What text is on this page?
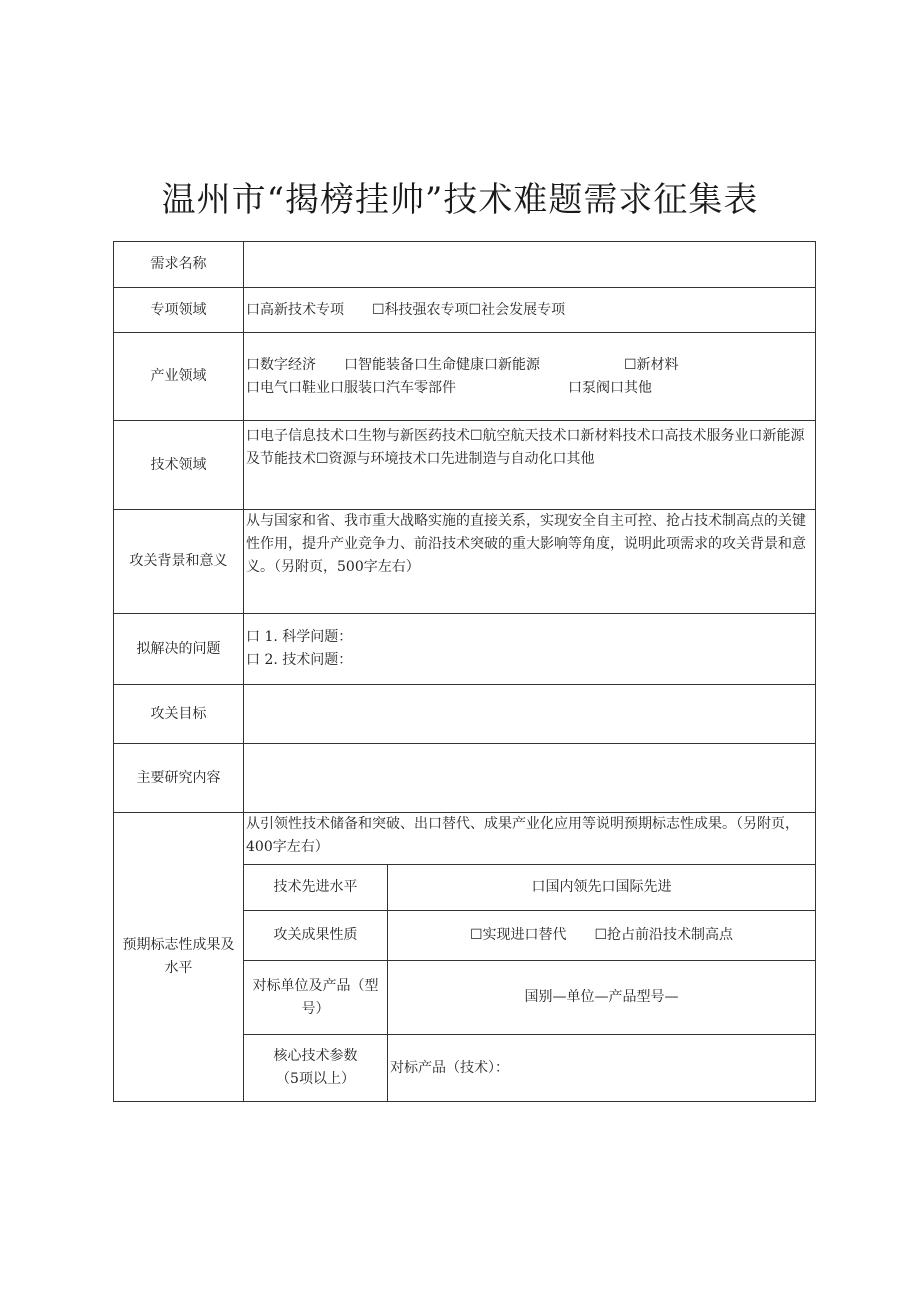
温州市“揭榜挂帅”技术难题需求征集表
需求名称		
专项领域	口高新技术专项　　☐科技强农专项☐社会发展专项	
产业领域	口数字经济　　口智能装备口生命健康口新能源　　　　　　☐新材料
口电气口鞋业口服装口汽车零部件　　　　　　　　口泵阀口其他	

技术领域	口电子信息技术口生物与新医药技术☐航空航天技术口新材料技术口高技术服务业口新能源及节能技术☐资源与环境技术口先进制造与自动化口其他	
攻关背景和意义	从与国家和省、我市重大战略实施的直接关系，实现安全自主可控、抢占技术制高点的关键性作用，提升产业竞争力、前沿技术突破的重大影响等角度，说明此项需求的攻关背景和意义。（另附页，500字左右）	
拟解决的问题	口 1. 科学问题：
口 2. 技术问题：	

攻关目标		
主要研究内容		
预期标志性成果及水平	从引领性技术储备和突破、出口替代、成果产业化应用等说明预期标志性成果。（另附页，400字左右）	
	技术先进水平	口国内领先口国际先进
	攻关成果性质	☐实现进口替代　　☐抢占前沿技术制高点
	对标单位及产品（型号）	国别—单位—产品型号—

	核心技术参数
（5项以上）	对标产品（技术）：
